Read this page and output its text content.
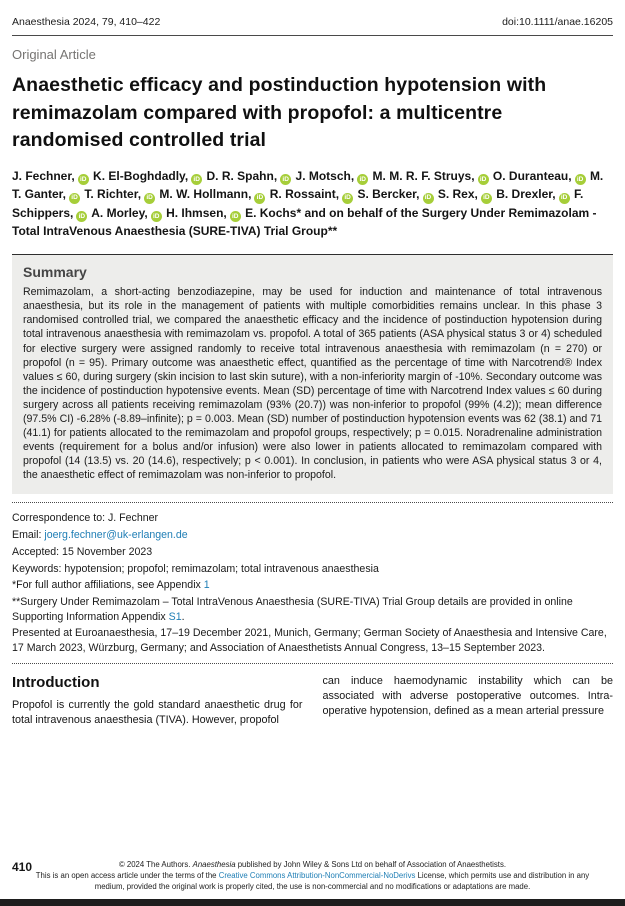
Anaesthesia 2024, 79, 410–422	doi:10.1111/anae.16205
Original Article
Anaesthetic efficacy and postinduction hypotension with remimazolam compared with propofol: a multicentre randomised controlled trial
J. Fechner, iD K. El-Boghdadly, iD D. R. Spahn, iD J. Motsch, iD M. M. R. F. Struys, iD O. Duranteau, iD M. T. Ganter, iD T. Richter, iD M. W. Hollmann, iD R. Rossaint, iD S. Bercker, iD S. Rex, iD B. Drexler, iD F. Schippers, iD A. Morley, iD H. Ihmsen, iD E. Kochs* and on behalf of the Surgery Under Remimazolam - Total IntraVenous Anaesthesia (SURE-TIVA) Trial Group**
Summary

Remimazolam, a short-acting benzodiazepine, may be used for induction and maintenance of total intravenous anaesthesia, but its role in the management of patients with multiple comorbidities remains unclear. In this phase 3 randomised controlled trial, we compared the anaesthetic efficacy and the incidence of postinduction hypotension during total intravenous anaesthesia with remimazolam vs. propofol. A total of 365 patients (ASA physical status 3 or 4) scheduled for elective surgery were assigned randomly to receive total intravenous anaesthesia with remimazolam (n = 270) or propofol (n = 95). Primary outcome was anaesthetic effect, quantified as the percentage of time with Narcotrend® Index values ≤ 60, during surgery (skin incision to last skin suture), with a non-inferiority margin of -10%. Secondary outcome was the incidence of postinduction hypotensive events. Mean (SD) percentage of time with Narcotrend Index values ≤ 60 during surgery across all patients receiving remimazolam (93% (20.7)) was non-inferior to propofol (99% (4.2)); mean difference (97.5% CI) -6.28% (-8.89–infinite); p = 0.003. Mean (SD) number of postinduction hypotension events was 62 (38.1) and 71 (41.1) for patients allocated to the remimazolam and propofol groups, respectively; p = 0.015. Noradrenaline administration events (requirement for a bolus and/or infusion) were also lower in patients allocated to remimazolam compared with propofol (14 (13.5) vs. 20 (14.6), respectively; p < 0.001). In conclusion, in patients who were ASA physical status 3 or 4, the anaesthetic effect of remimazolam was non-inferior to propofol.

Correspondence to: J. Fechner

Email: joerg.fechner@uk-erlangen.de

Accepted: 15 November 2023

Keywords: hypotension; propofol; remimazolam; total intravenous anaesthesia

*For full author affiliations, see Appendix 1

**Surgery Under Remimazolam – Total IntraVenous Anaesthesia (SURE-TIVA) Trial Group details are provided in online Supporting Information Appendix S1.

Presented at Euroanaesthesia, 17–19 December 2021, Munich, Germany; German Society of Anaesthesia and Intensive Care, 17 March 2023, Würzburg, Germany; and Association of Anaesthetists Annual Congress, 13–15 September 2023.

Introduction

Propofol is currently the gold standard anaesthetic drug for total intravenous anaesthesia (TIVA). However, propofol

can induce haemodynamic instability which can be associated with adverse postoperative outcomes. Intra-operative hypotension, defined as a mean arterial pressure

410	© 2024 The Authors. Anaesthesia published by John Wiley & Sons Ltd on behalf of Association of Anaesthetists.

This is an open access article under the terms of the Creative Commons Attribution-NonCommercial-NoDerivs License, which permits use and distribution in any medium, provided the original work is properly cited, the use is non-commercial and no modifications or adaptations are made.
